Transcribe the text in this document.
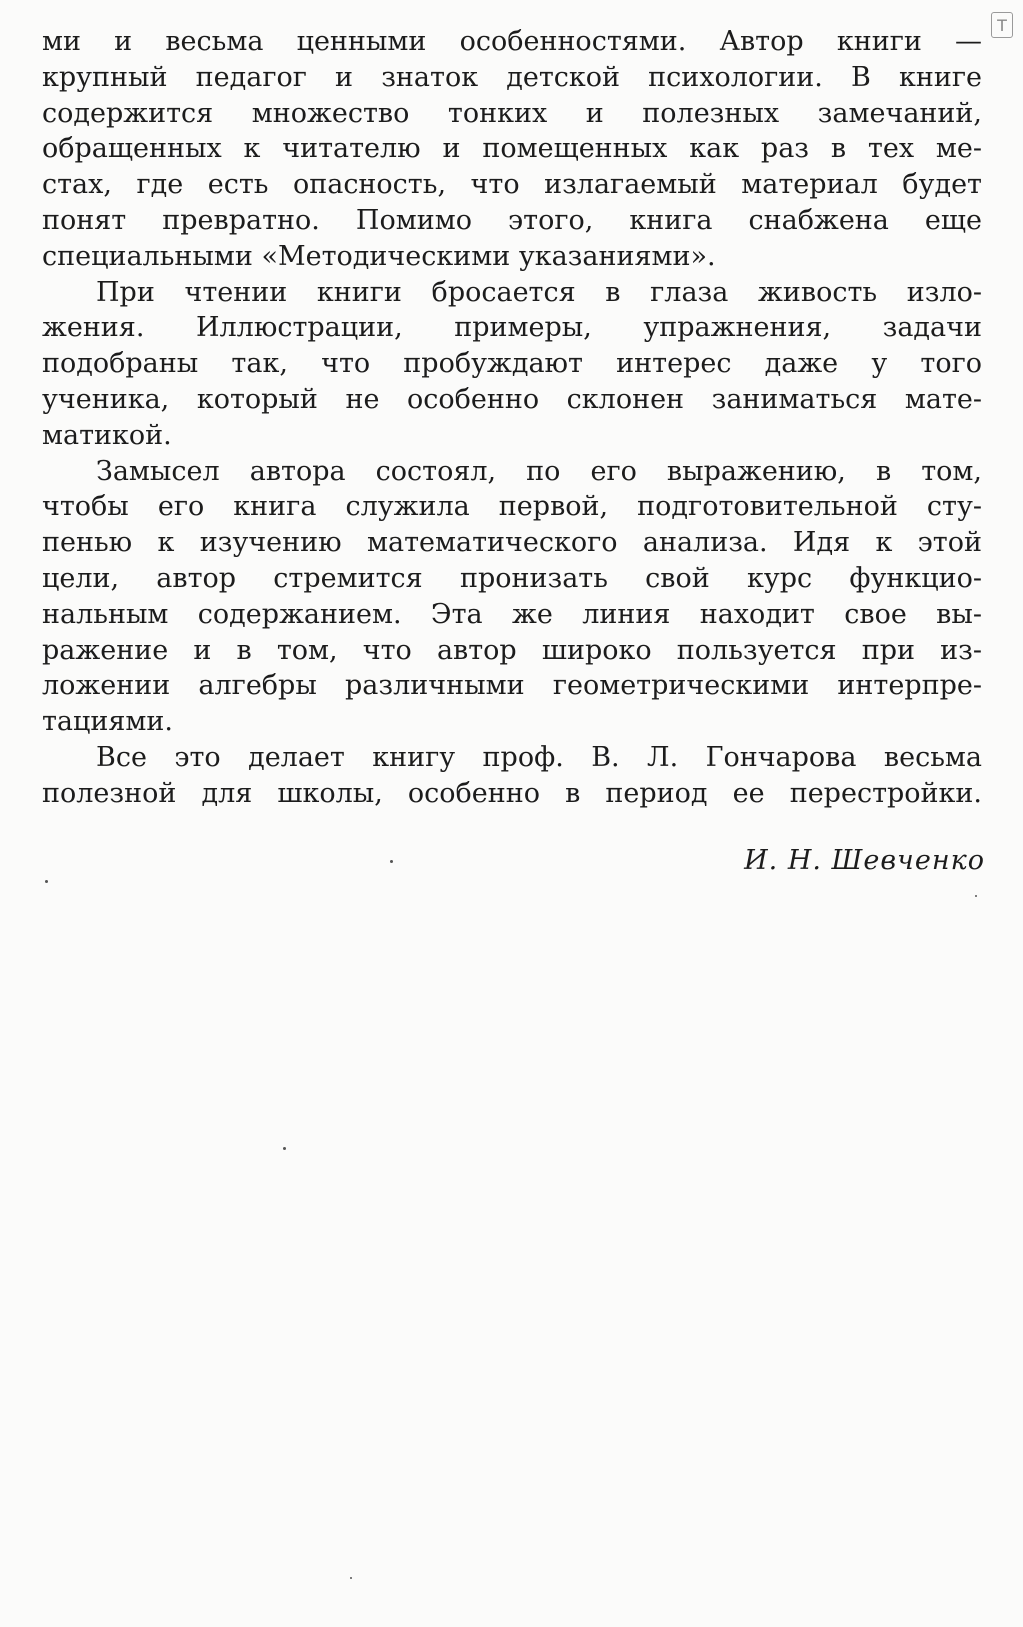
T
ми и весьма ценными особенностями. Автор книги —
крупный педагог и знаток детской психологии. В книге
содержится множество тонких и полезных замечаний,
обращенных к читателю и помещенных как раз в тех ме-
стах, где есть опасность, что излагаемый материал будет
понят превратно. Помимо этого, книга снабжена еще
специальными «Методическими указаниями».
При чтении книги бросается в глаза живость изло-
жения. Иллюстрации, примеры, упражнения, задачи
подобраны так, что пробуждают интерес даже у того
ученика, который не особенно склонен заниматься мате-
матикой.
Замысел автора состоял, по его выражению, в том,
чтобы его книга служила первой, подготовительной сту-
пенью к изучению математического анализа. Идя к этой
цели, автор стремится пронизать свой курс функцио-
нальным содержанием. Эта же линия находит свое вы-
ражение и в том, что автор широко пользуется при из-
ложении алгебры различными геометрическими интерпре-
тациями.
Все это делает книгу проф. В. Л. Гончарова весьма
полезной для школы, особенно в период ее перестройки.
И. Н. Шевченко
